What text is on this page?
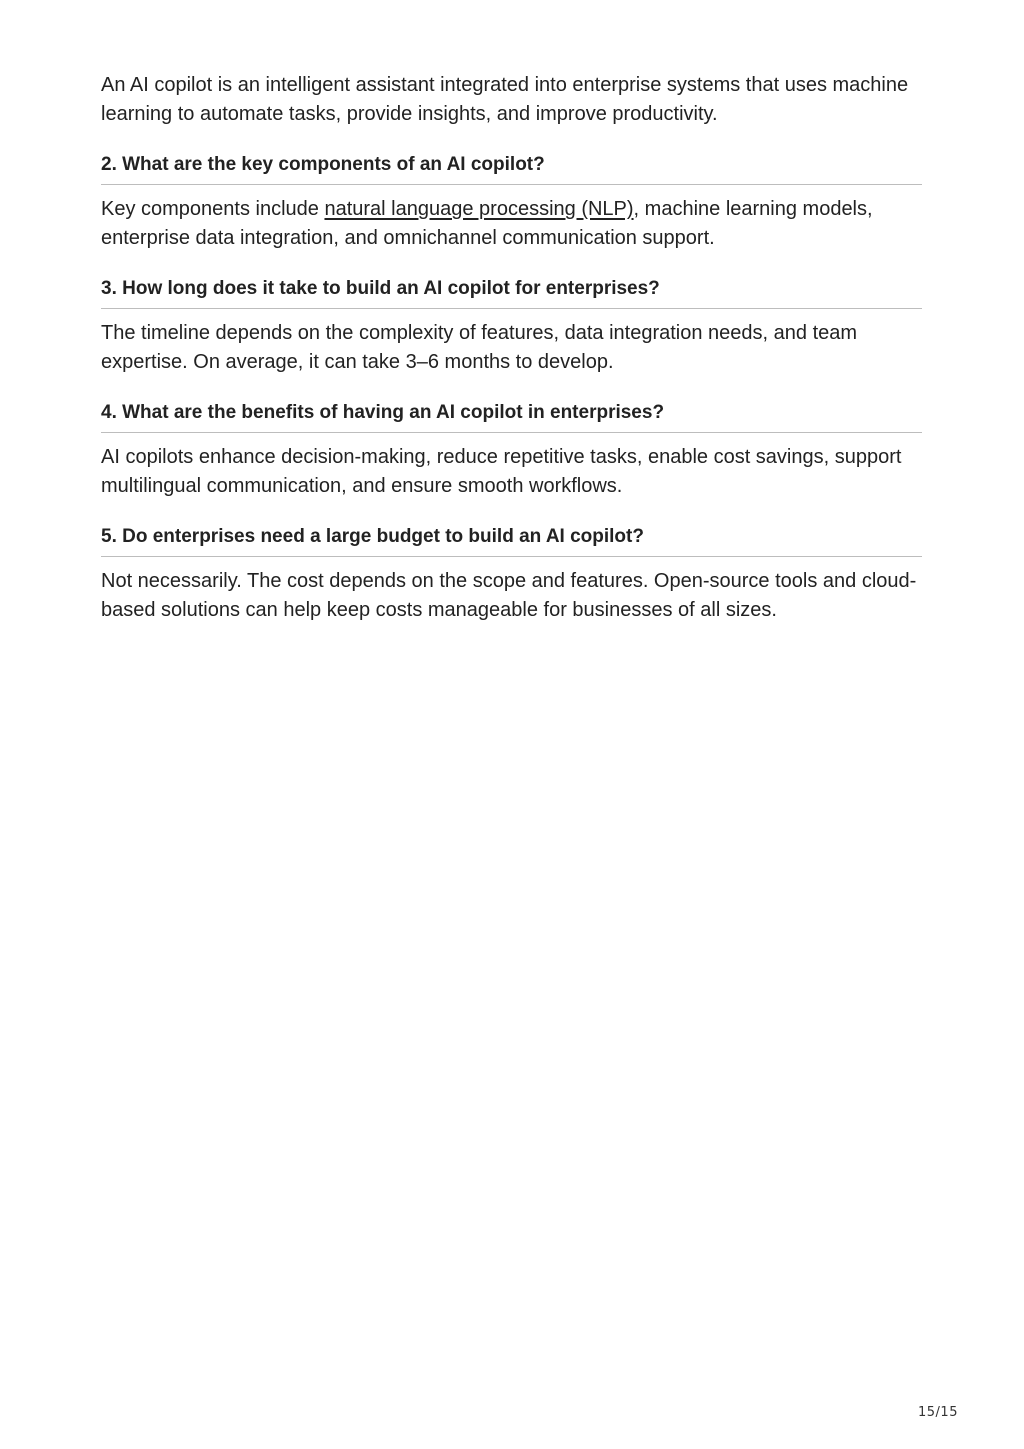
An AI copilot is an intelligent assistant integrated into enterprise systems that uses machine learning to automate tasks, provide insights, and improve productivity.

2. What are the key components of an AI copilot?

Key components include natural language processing (NLP), machine learning models, enterprise data integration, and omnichannel communication support.

3. How long does it take to build an AI copilot for enterprises?

The timeline depends on the complexity of features, data integration needs, and team expertise. On average, it can take 3–6 months to develop.

4. What are the benefits of having an AI copilot in enterprises?

AI copilots enhance decision-making, reduce repetitive tasks, enable cost savings, support multilingual communication, and ensure smooth workflows.

5. Do enterprises need a large budget to build an AI copilot?

Not necessarily. The cost depends on the scope and features. Open-source tools and cloud-based solutions can help keep costs manageable for businesses of all sizes.

15/15
